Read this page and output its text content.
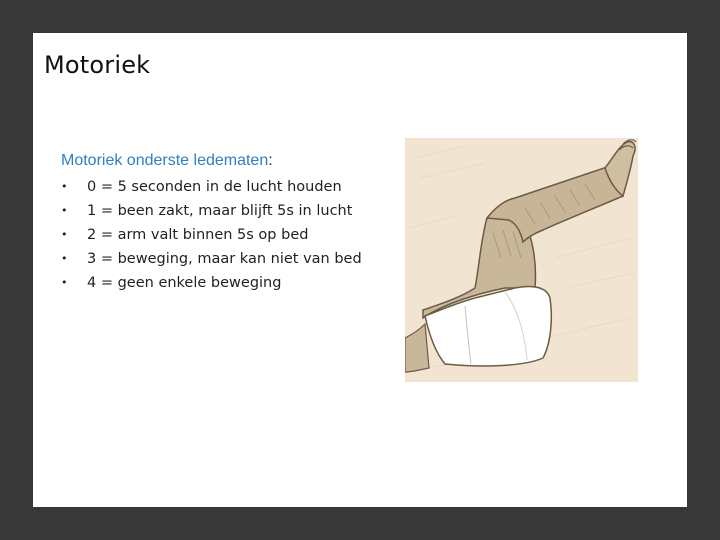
Motoriek
Motoriek onderste ledematen:
•	0 = 5 seconden in de lucht houden
•	1 = been zakt, maar blijft 5s in lucht
•	2 = arm valt binnen 5s op bed
•	3 = beweging, maar kan niet van bed
•	4 = geen enkele beweging
